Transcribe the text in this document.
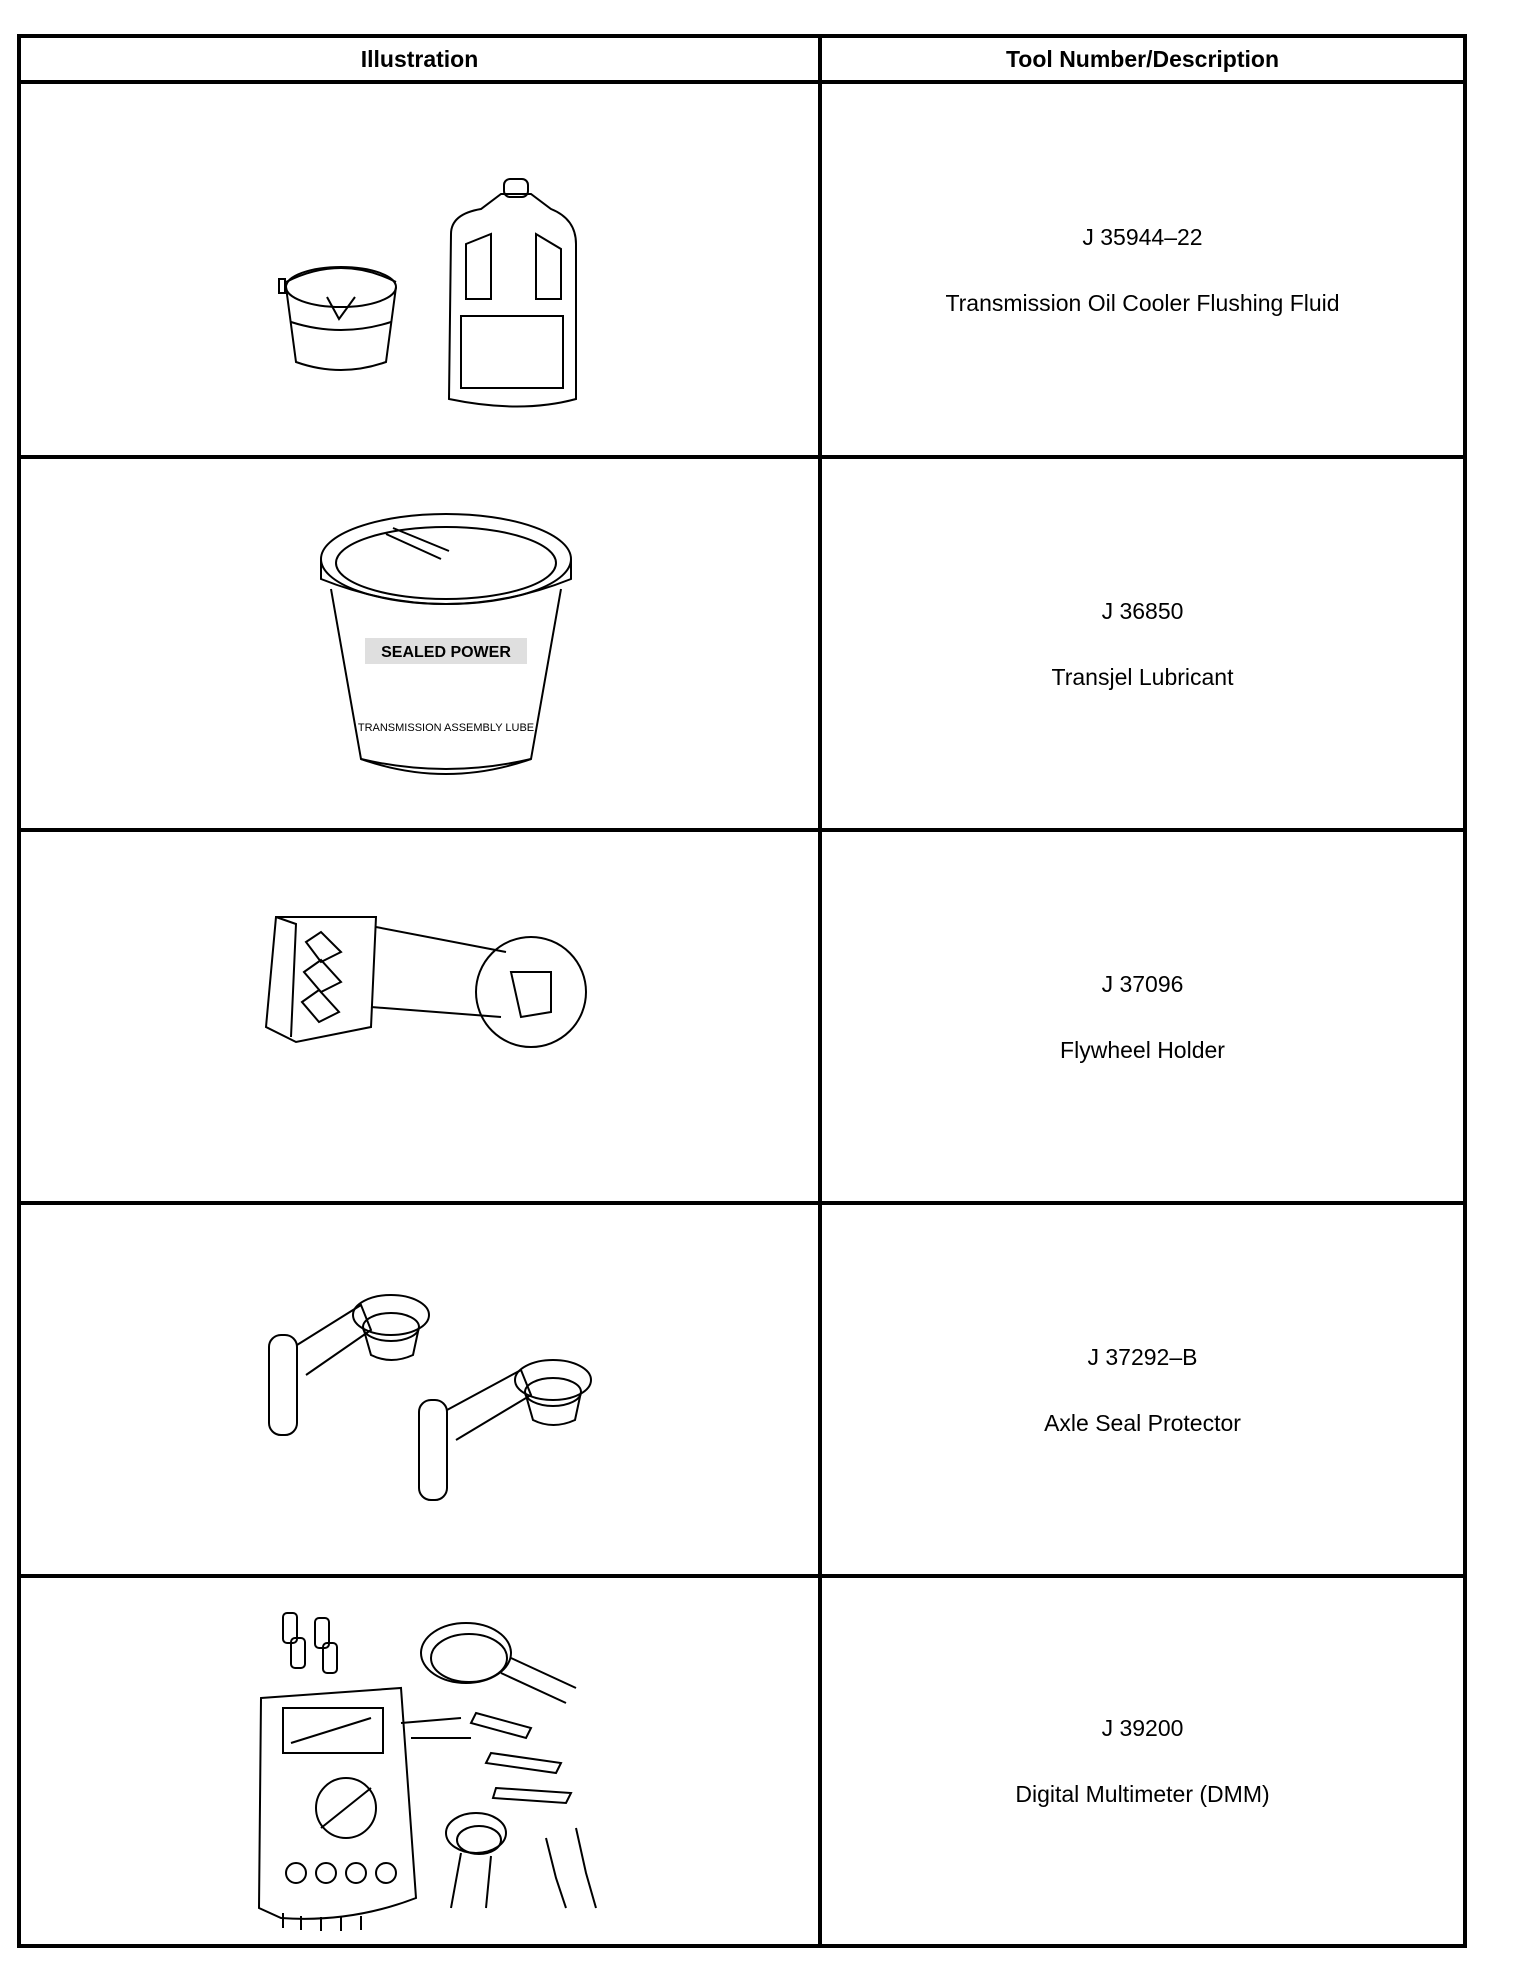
Illustration	Tool Number/Description
J 35944–22
Transmission Oil Cooler Flushing Fluid
SEALED POWER
TRANSMISSION ASSEMBLY LUBE
J 36850
Transjel Lubricant
J 37096
Flywheel Holder
J 37292–B
Axle Seal Protector
J 39200
Digital Multimeter (DMM)
